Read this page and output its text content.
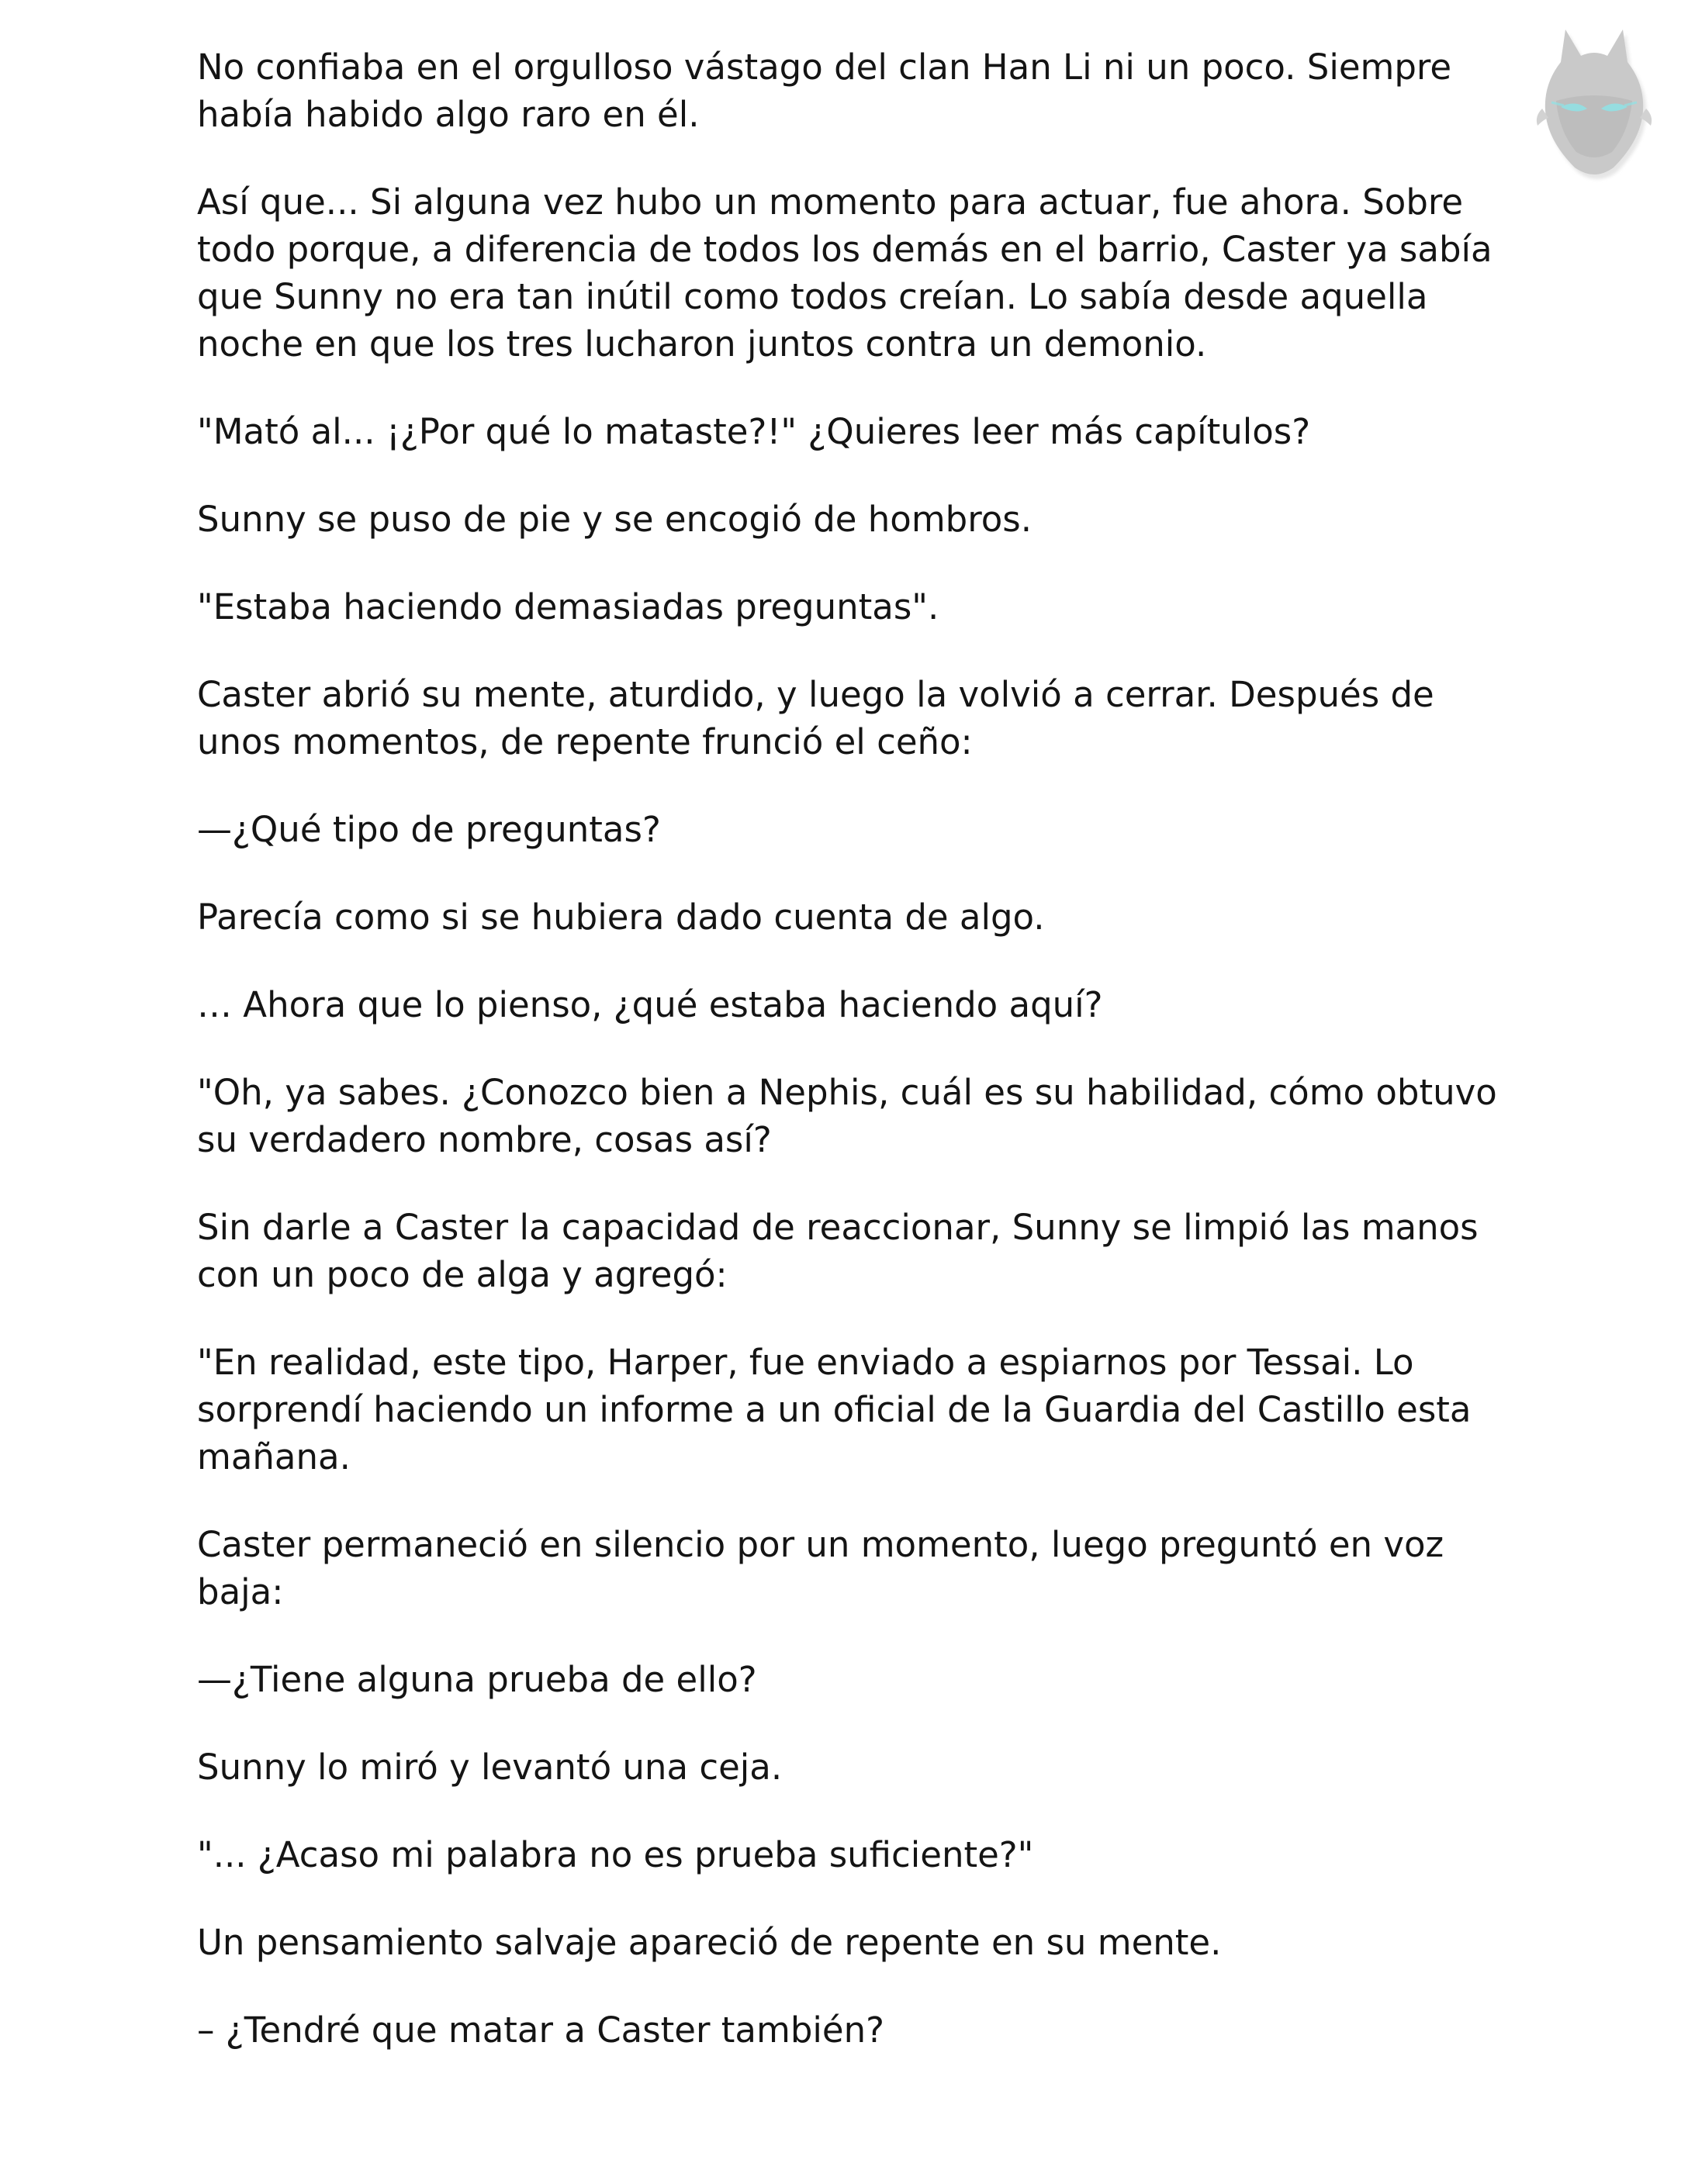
No confiaba en el orgulloso vástago del clan Han Li ni un poco. Siempre había habido algo raro en él.

Así que... Si alguna vez hubo un momento para actuar, fue ahora. Sobre todo porque, a diferencia de todos los demás en el barrio, Caster ya sabía que Sunny no era tan inútil como todos creían. Lo sabía desde aquella noche en que los tres lucharon juntos contra un demonio.

"Mató al... ¡¿Por qué lo mataste?!" ¿Quieres leer más capítulos?

Sunny se puso de pie y se encogió de hombros.

"Estaba haciendo demasiadas preguntas".

Caster abrió su mente, aturdido, y luego la volvió a cerrar. Después de unos momentos, de repente frunció el ceño:

—¿Qué tipo de preguntas?

Parecía como si se hubiera dado cuenta de algo.

… Ahora que lo pienso, ¿qué estaba haciendo aquí?

"Oh, ya sabes. ¿Conozco bien a Nephis, cuál es su habilidad, cómo obtuvo su verdadero nombre, cosas así?

Sin darle a Caster la capacidad de reaccionar, Sunny se limpió las manos con un poco de alga y agregó:

"En realidad, este tipo, Harper, fue enviado a espiarnos por Tessai. Lo sorprendí haciendo un informe a un oficial de la Guardia del Castillo esta mañana.

Caster permaneció en silencio por un momento, luego preguntó en voz baja:

—¿Tiene alguna prueba de ello?

Sunny lo miró y levantó una ceja.

"... ¿Acaso mi palabra no es prueba suficiente?"

Un pensamiento salvaje apareció de repente en su mente.

– ¿Tendré que matar a Caster también?
